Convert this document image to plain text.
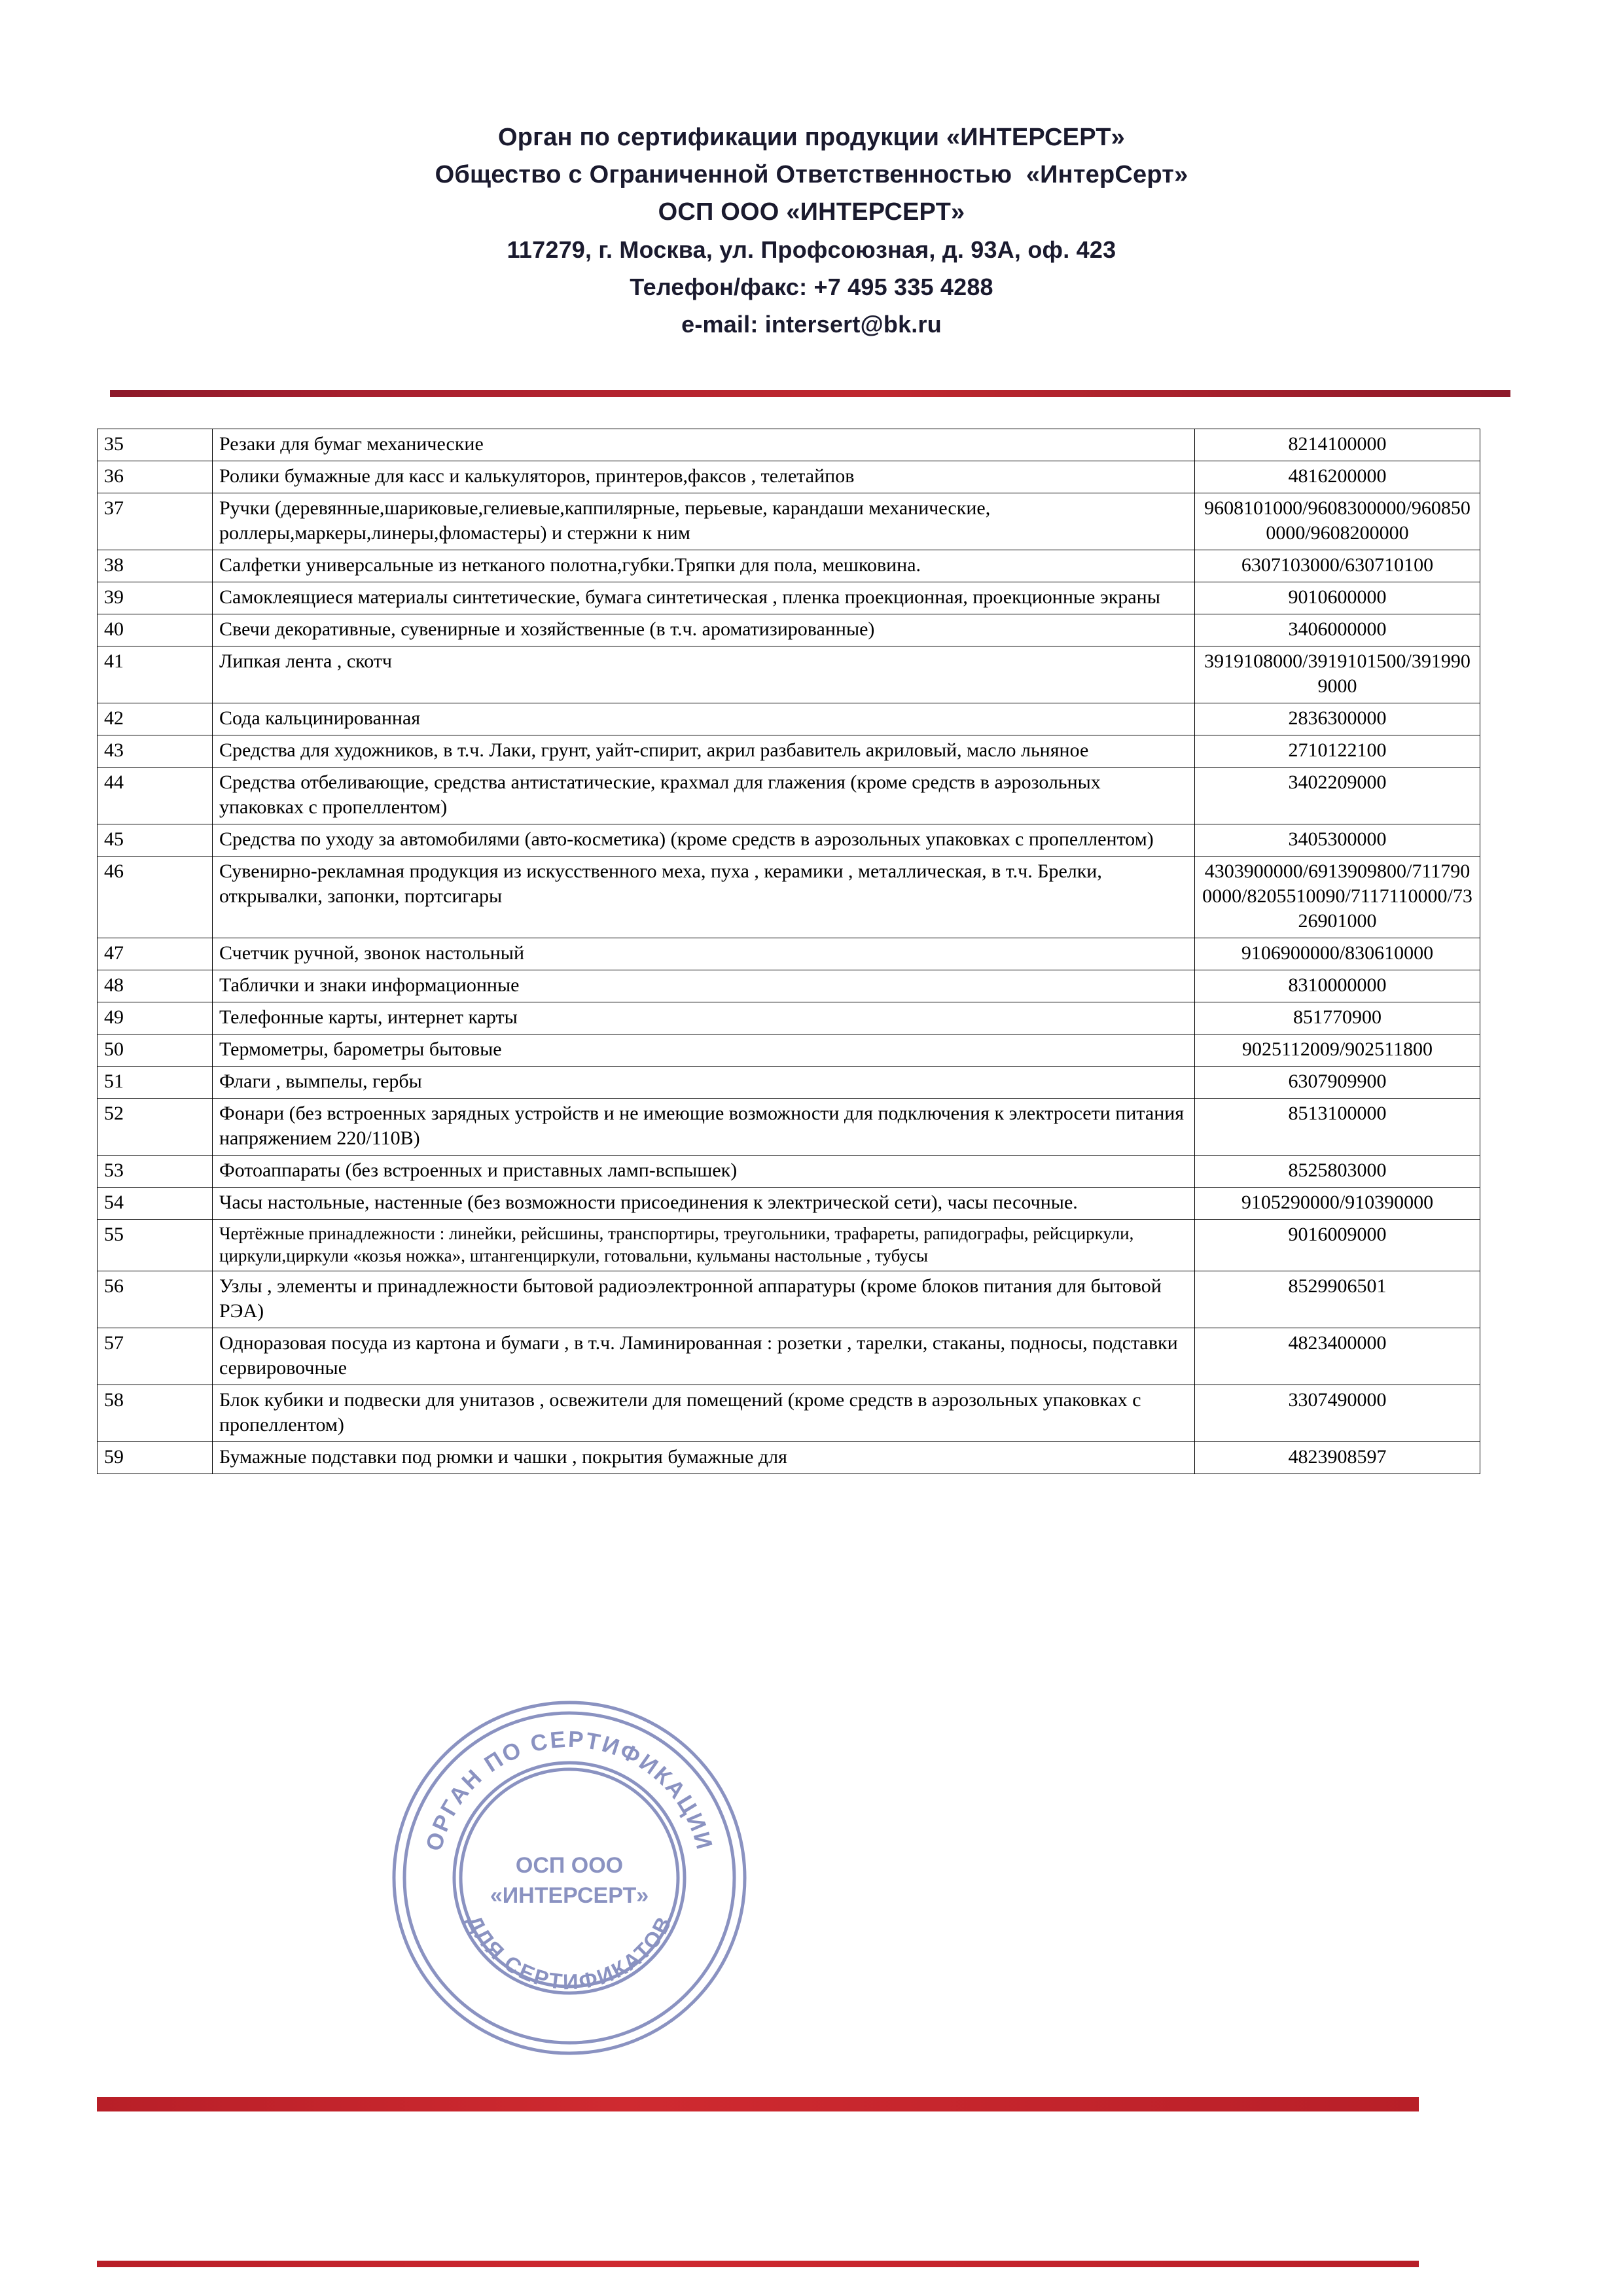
Орган по сертификации продукции «ИНТЕРСЕРТ»
Общество с Ограниченной Ответственностью  «ИнтерСерт»
ОСП ООО «ИНТЕРСЕРТ»
117279, г. Москва, ул. Профсоюзная, д. 93А, оф. 423
Телефон/факс: +7 495 335 4288
e-mail: intersert@bk.ru
35	Резаки для бумаг механические	8214100000
36	Ролики бумажные для касс и калькуляторов, принтеров,факсов , телетайпов	4816200000
37	Ручки (деревянные,шариковые,гелиевые,каппилярные, перьевые, карандаши механические, роллеры,маркеры,линеры,фломастеры) и стержни к ним	9608101000/9608300000/9608500000/9608200000
38	Салфетки универсальные из нетканого полотна,губки.Тряпки для пола, мешковина.	6307103000/630710100
39	Самоклеящиеся материалы синтетические, бумага синтетическая , пленка проекционная, проекционные экраны	9010600000
40	Свечи декоративные, сувенирные и хозяйственные (в т.ч. ароматизированные)	3406000000
41	Липкая лента , скотч	3919108000/3919101500/3919909000
42	Сода кальцинированная	2836300000
43	Средства для художников, в т.ч. Лаки, грунт, уайт-спирит, акрил разбавитель акриловый, масло льняное	2710122100
44	Средства отбеливающие, средства антистатические, крахмал для глажения (кроме средств в аэрозольных упаковках с пропеллентом)	3402209000
45	Средства по уходу за автомобилями (авто-косметика) (кроме средств в аэрозольных упаковках с пропеллентом)	3405300000
46	Сувенирно-рекламная продукция из искусственного меха, пуха , керамики , металлическая, в т.ч. Брелки, открывалки, запонки, портсигары	4303900000/6913909800/7117900000/8205510090/7117110000/7326901000
47	Счетчик ручной, звонок настольный	9106900000/830610000
48	Таблички и знаки информационные	8310000000
49	Телефонные карты, интернет карты	851770900
50	Термометры, барометры бытовые	9025112009/902511800
51	Флаги , вымпелы, гербы	6307909900
52	Фонари (без встроенных зарядных устройств и не имеющие возможности для подключения к электросети питания напряжением 220/110В)	8513100000
53	Фотоаппараты (без встроенных и приставных ламп-вспышек)	8525803000
54	Часы настольные, настенные (без возможности присоединения к электрической сети), часы песочные.	9105290000/910390000
55	Чертёжные принадлежности : линейки, рейсшины, транспортиры, треугольники, трафареты, рапидографы, рейсциркули, циркули,циркули «козья ножка», штангенциркули, готовальни, кульманы настольные , тубусы	9016009000
56	Узлы , элементы и принадлежности бытовой радиоэлектронной аппаратуры (кроме блоков питания для бытовой РЭА)	8529906501
57	Одноразовая посуда из картона и бумаги , в т.ч. Ламинированная : розетки , тарелки, стаканы, подносы, подставки сервировочные	4823400000
58	Блок кубики и подвески для унитазов , освежители для помещений (кроме средств в аэрозольных упаковках с пропеллентом)	3307490000
59	Бумажные подставки под рюмки и чашки , покрытия бумажные для	4823908597
ОРГАН ПО СЕРТИФИКАЦИИ
ДЛЯ СЕРТИФИКАТОВ
ОСП ООО
«ИНТЕРСЕРТ»
